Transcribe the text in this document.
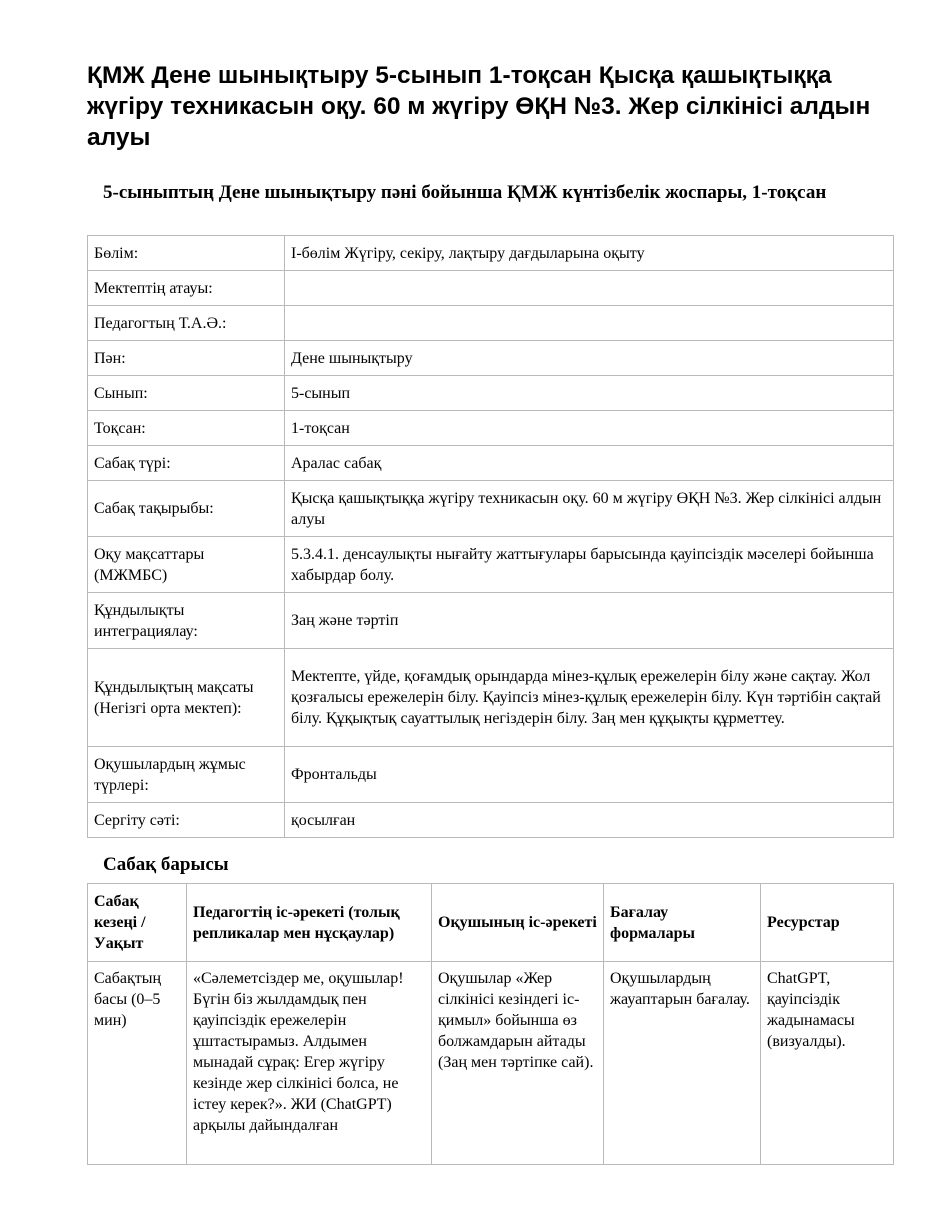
ҚМЖ Дене шынықтыру 5-сынып 1-тоқсан Қысқа қашықтыққа жүгіру техникасын оқу. 60 м жүгіру ӨҚН №3. Жер сілкінісі алдын алуы
5-сыныптың Дене шынықтыру пәні бойынша ҚМЖ күнтізбелік жоспары, 1-тоқсан
Бөлім:	І-бөлім Жүгіру, секіру, лақтыру дағдыларына оқыту
Мектептің атауы:	
Педагогтың Т.А.Ә.:	
Пән:	Дене шынықтыру
Сынып:	5-сынып
Тоқсан:	1-тоқсан
Сабақ түрі:	Аралас сабақ
Сабақ тақырыбы:	Қысқа қашықтыққа жүгіру техникасын оқу. 60 м жүгіру ӨҚН №3. Жер сілкінісі алдын алуы
Оқу мақсаттары (МЖМБС)	5.3.4.1. денсаулықты нығайту жаттығулары барысында қауіпсіздік мәселері бойынша хабырдар болу.
Құндылықты интеграциялау:	Заң және тәртіп
Құндылықтың мақсаты (Негізгі орта мектеп):	Мектепте, үйде, қоғамдық орындарда мінез-құлық ережелерін білу және сақтау. Жол қозғалысы ережелерін білу. Қауіпсіз мінез-құлық ережелерін білу. Күн тәртібін сақтай білу. Құқықтық сауаттылық негіздерін білу. Заң мен құқықты құрметтеу.
Оқушылардың жұмыс түрлері:	Фронтальды
Сергіту сәті:	қосылған
Сабақ барысы
Сабақ кезеңі / Уақыт	Педагогтің іс-әрекеті (толық репликалар мен нұсқаулар)	Оқушының іс-әрекеті	Бағалау формалары	Ресурстар
Сабақтың басы (0–5 мин)	«Сәлеметсіздер ме, оқушылар! Бүгін біз жылдамдық пен қауіпсіздік ережелерін ұштастырамыз. Алдымен мынадай сұрақ: Егер жүгіру кезінде жер сілкінісі болса, не істеу керек?». ЖИ (ChatGPT) арқылы дайындалған	Оқушылар «Жер сілкінісі кезіндегі іс-қимыл» бойынша өз болжамдарын айтады (Заң мен тәртіпке сай).	Оқушылардың жауаптарын бағалау.	ChatGPT, қауіпсіздік жадынамасы (визуалды).
